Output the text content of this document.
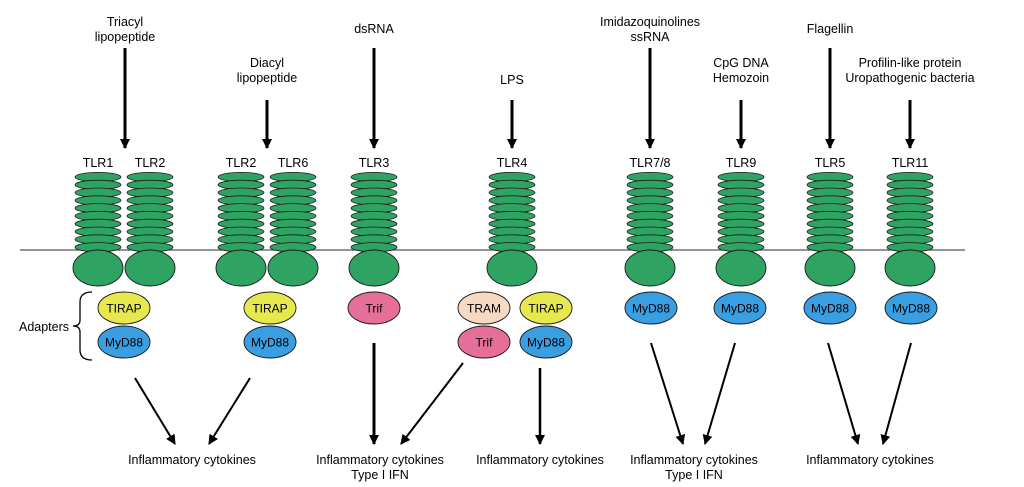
Triacyl
lipopeptide
Diacyl
lipopeptide
dsRNA
LPS
Imidazoquinolines
ssRNA
CpG DNA
Hemozoin
Flagellin
Profilin-like protein
Uropathogenic bacteria
TLR1 TLR2	TLR2 TLR6	TLR3	TLR4	TLR7/8	TLR9	TLR5	TLR11
Adapters
TIRAP
MyD88
TIRAP
MyD88
Trif	TRAM
Trif
TIRAP
MyD88
MyD88	MyD88	MyD88	MyD88
Inflammatory cytokines	Inflammatory cytokines
Type I IFN
Inflammatory cytokines Inflammatory cytokines
Type I IFN
Inflammatory cytokines
